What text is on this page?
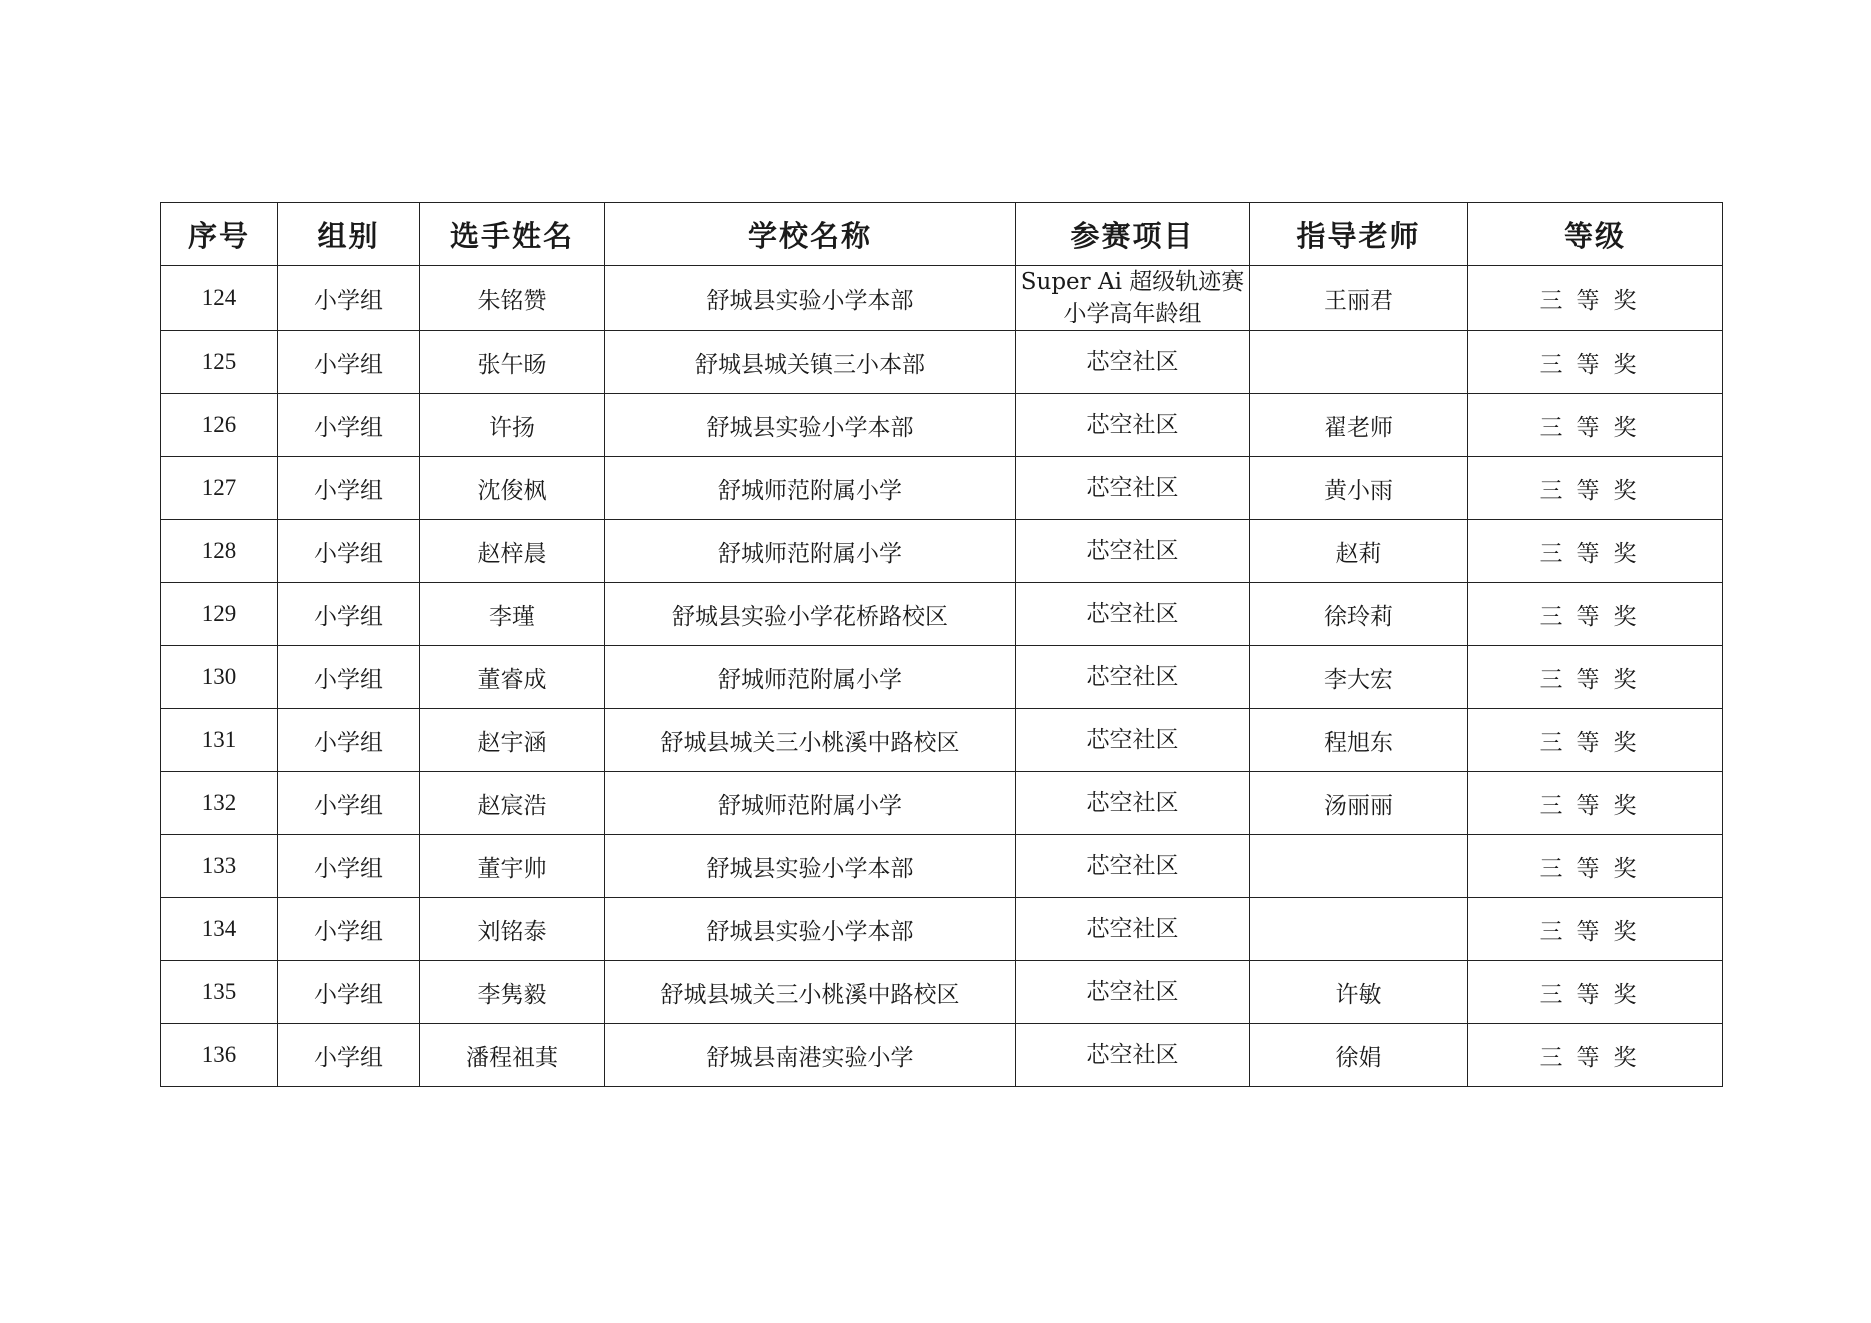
序号	组别	选手姓名	学校名称	参赛项目	指导老师	等级
124	小学组	朱铭赞	舒城县实验小学本部	Super Ai 超级轨迹赛小学高年龄组	王丽君	三等奖
125	小学组	张午旸	舒城县城关镇三小本部	芯空社区		三等奖
126	小学组	许扬	舒城县实验小学本部	芯空社区	翟老师	三等奖
127	小学组	沈俊枫	舒城师范附属小学	芯空社区	黄小雨	三等奖
128	小学组	赵梓晨	舒城师范附属小学	芯空社区	赵莉	三等奖
129	小学组	李瑾	舒城县实验小学花桥路校区	芯空社区	徐玲莉	三等奖
130	小学组	董睿成	舒城师范附属小学	芯空社区	李大宏	三等奖
131	小学组	赵宇涵	舒城县城关三小桃溪中路校区	芯空社区	程旭东	三等奖
132	小学组	赵宸浩	舒城师范附属小学	芯空社区	汤丽丽	三等奖
133	小学组	董宇帅	舒城县实验小学本部	芯空社区		三等奖
134	小学组	刘铭泰	舒城县实验小学本部	芯空社区		三等奖
135	小学组	李隽毅	舒城县城关三小桃溪中路校区	芯空社区	许敏	三等奖
136	小学组	潘程祖萁	舒城县南港实验小学	芯空社区	徐娟	三等奖
